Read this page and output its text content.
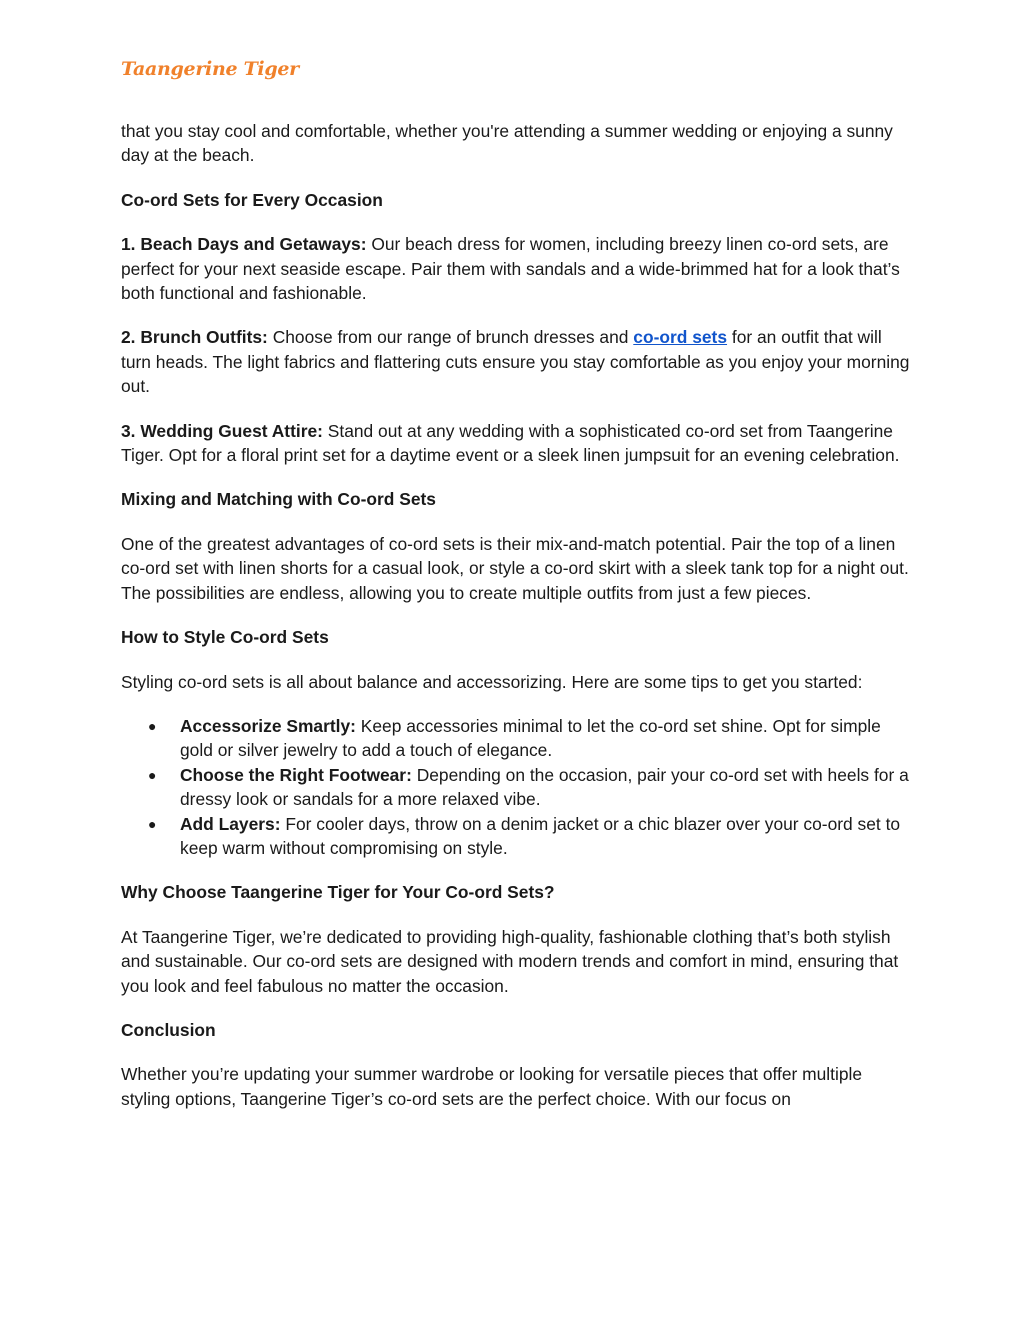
Taangerine Tiger

that you stay cool and comfortable, whether you're attending a summer wedding or enjoying a sunny day at the beach.

Co-ord Sets for Every Occasion

1. Beach Days and Getaways: Our beach dress for women, including breezy linen co-ord sets, are perfect for your next seaside escape. Pair them with sandals and a wide-brimmed hat for a look that’s both functional and fashionable.

2. Brunch Outfits: Choose from our range of brunch dresses and co-ord sets for an outfit that will turn heads. The light fabrics and flattering cuts ensure you stay comfortable as you enjoy your morning out.

3. Wedding Guest Attire: Stand out at any wedding with a sophisticated co-ord set from Taangerine Tiger. Opt for a floral print set for a daytime event or a sleek linen jumpsuit for an evening celebration.

Mixing and Matching with Co-ord Sets

One of the greatest advantages of co-ord sets is their mix-and-match potential. Pair the top of a linen co-ord set with linen shorts for a casual look, or style a co-ord skirt with a sleek tank top for a night out. The possibilities are endless, allowing you to create multiple outfits from just a few pieces.

How to Style Co-ord Sets

Styling co-ord sets is all about balance and accessorizing. Here are some tips to get you started:

● Accessorize Smartly: Keep accessories minimal to let the co-ord set shine. Opt for simple gold or silver jewelry to add a touch of elegance.
● Choose the Right Footwear: Depending on the occasion, pair your co-ord set with heels for a dressy look or sandals for a more relaxed vibe.
● Add Layers: For cooler days, throw on a denim jacket or a chic blazer over your co-ord set to keep warm without compromising on style.

Why Choose Taangerine Tiger for Your Co-ord Sets?

At Taangerine Tiger, we’re dedicated to providing high-quality, fashionable clothing that’s both stylish and sustainable. Our co-ord sets are designed with modern trends and comfort in mind, ensuring that you look and feel fabulous no matter the occasion.

Conclusion

Whether you’re updating your summer wardrobe or looking for versatile pieces that offer multiple styling options, Taangerine Tiger’s co-ord sets are the perfect choice. With our focus on
